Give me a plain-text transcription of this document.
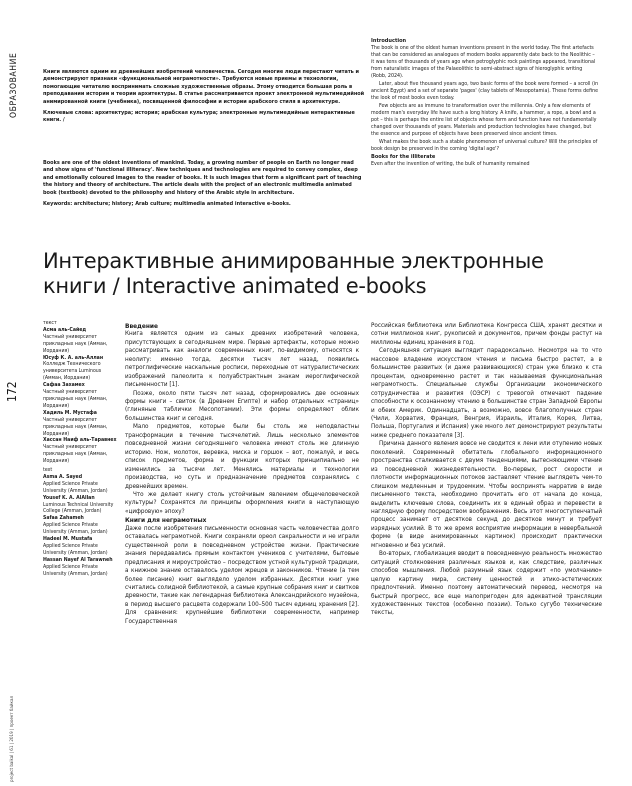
ОБРАЗОВАНИЕ
172
project baikal | 61 | 2019 | проект байкал

Книги являются одним из древнейших изобретений человечества. Сегодня многие люди переcтают читать и демонстрируют признаки «функциональной неграмотности». Требуются новые приемы и технологии, помогающие читателю воспринимать сложные художественные образы. Этому отводится большая роль в преподавании истории и теории архитектуры. В статье рассматривается проект электронной мультимедийной анимированной книги (учебника), посвященной философии и истории арабского стиля в архитектуре.

Ключевые слова: архитектура; история; арабская культура; электронные мультимедийные интерактивные книги. /

Books are one of the oldest inventions of mankind. Today, a growing number of people on Earth no longer read and show signs of 'functional illiteracy'. New techniques and technologies are required to convey complex, deep and emotionally coloured images to the reader of books. It is such images that form a significant part of teaching the history and theory of architecture. The article deals with the project of an electronic multimedia animated book (textbook) devoted to the philosophy and history of the Arabic style in architecture.

Keywords: architecture; history; Arab culture; multimedia animated interactive e-books.

Introduction

The book is one of the oldest human inventions present in the world today. The first artefacts that can be considered as analogues of modern books apparently date back to the Neolithic – it was tens of thousands of years ago when petroglyphic rock paintings appeared, transitional from naturalistic images of the Palaeolithic to semi-abstract signs of hieroglyphic writing (Robb, 2024).

Later, about five thousand years ago, two basic forms of the book were formed – a scroll (in ancient Egypt) and a set of separate 'pages' (clay tablets of Mesopotamia). These forms define the look of most books even today.

Few objects are as immune to transformation over the millennia. Only a few elements of modern man's everyday life have such a long history. A knife, a hammer, a rope, a bowl and a pot – this is perhaps the entire list of objects whose form and function have not fundamentally changed over thousands of years. Materials and production technologies have changed, but the essence and purpose of objects have been preserved since ancient times.

What makes the book such a stable phenomenon of universal culture? Will the principles of book design be preserved in the coming 'digital age'?

Books for the illiterate

Even after the invention of writing, the bulk of humanity remained

Интерактивные анимированные электронные книги / Interactive animated e-books
текст
Асма аль-Сайед
Частный университет прикладных наук (Амман, Иордания)
Юсуф К. А. аль-Аллан
Колледж Технического университета Luminous (Амман, Иордания)
Сафаа Захамех
Частный университет прикладных наук (Амман, Иордания)
Хадиль М. Мустафа
Частный университет прикладных наук (Амман, Иордания)
Хассан Наиф аль-Таравнех
Частный университет прикладных наук (Амман, Иордания)
text
Asma A. Sayed
Applied Science Private University (Amman, Jordan)
Yousef K. A. AlAllan
Luminous Technical University College (Amman, Jordan)
Safaa Zahameh
Applied Science Private University (Amman, Jordan)
Hadeel M. Mustafa
Applied Science Private University (Amman, Jordan)
Hassan Nayef Al Tarawneh
Applied Science Private University (Amman, Jordan)
Введение

Книга является одним из самых древних изобретений человека, присутствующих в сегодняшнем мире. Первые артефакты, которые можно рассматривать как аналоги современных книг, по-видимому, относятся к неолиту: именно тогда, десятки тысяч лет назад, появились петроглифические наскальные росписи, переходные от натуралистических изображений палеолита к полуабстрактным знакам иероглифической письменности [1].

Позже, около пяти тысяч лет назад, сформировались две основных формы книги – свиток (в Древнем Египте) и набор отдельных «страниц» (глиняные таблички Месопотамии). Эти формы определяют облик большинства книг и сегодня.

Мало предметов, которые были бы столь же неподвластны трансформации в течение тысячелетий. Лишь несколько элементов повседневной жизни сегодняшнего человека имеют столь же длинную историю. Нож, молоток, веревка, миска и горшок – вот, пожалуй, и весь список предметов, форма и функции которых принципиально не изменились за тысячи лет. Менялись материалы и технологии производства, но суть и предназначение предметов сохранялись с древнейших времен.

Что же делает книгу столь устойчивым явлением общечеловеческой культуры? Сохранятся ли принципы оформления книги в наступающую «цифровую» эпоху?

Книги для неграмотных

Даже после изобретения письменности основная часть человечества долго оставалась неграмотной. Книги сохраняли ореол сакральности и не играли существенной роли в повседневном устройстве жизни. Практические знания передавались прямым контактом учеников с учителями, бытовые предписания и мироустройство – посредством устной культурной традиции, а книжное знание оставалось уделом жрецов и законников. Чтение (а тем более писание) книг выглядело уделом избранных. Десятки книг уже считались солидной библиотекой, а самые крупные собрания книг и свитков древности, такие как легендарная библиотека Александрийского музейона, в период высшего расцвета содержали 100–500 тысяч единиц хранения [2]. Для сравнения: крупнейшие библиотеки современности, например Государственная

Российская библиотека или Библиотека Конгресса США, хранят десятки и сотни миллионов книг, рукописей и документов, причем фонды растут на миллионы единиц хранения в год.

Сегодняшняя ситуация выглядит парадоксально. Несмотря на то что массовое владение искусством чтения и письма быстро растет, а в большинстве развитых (и даже развивающихся) стран уже близко к ста процентам, одновременно растет и так называемая функциональная неграмотность. Специальные службы Организации экономического сотрудничества и развития (ОЭСР) с тревогой отмечают падение способности к осознанному чтению в большинстве стран Западной Европы и обеих Америк. Одиннадцать, а возможно, вовсе благополучных стран (Чили, Хорватия, Франция, Венгрия, Израиль, Италия, Корея, Литва, Польша, Португалия и Испания) уже много лет демонстрируют результаты ниже среднего показателя [3].

Причина данного явления вовсе не сводится к лени или отупению новых поколений. Современный обитатель глобального информационного пространства сталкивается с двумя тенденциями, вытесняющими чтение из повседневной жизнедеятельности. Во-первых, рост скорости и плотности информационных потоков заставляет чтение выглядеть чем-то слишком медленным и трудоемким. Чтобы воспринять нарратив в виде письменного текста, необходимо прочитать его от начала до конца, выделить ключевые слова, соединить их в единый образ и перевести в наглядную форму посредством воображения. Весь этот многоступенчатый процесс занимает от десятков секунд до десятков минут и требует изрядных усилий. В то же время восприятие информации в невербальной форме (в виде анимированных картинок) происходит практически мгновенно и без усилий.

Во-вторых, глобализация вводит в повседневную реальность множество ситуаций столкновения различных языков и, как следствие, различных способов мышления. Любой разумный язык содержит «по умолчанию» целую картину мира, систему ценностей и этико-эстетических предпочтений. Именно поэтому автоматический перевод, несмотря на быстрый прогресс, все еще малопригоден для адекватной трансляции художественных текстов (особенно поэзии). Только сугубо технические тексты,
